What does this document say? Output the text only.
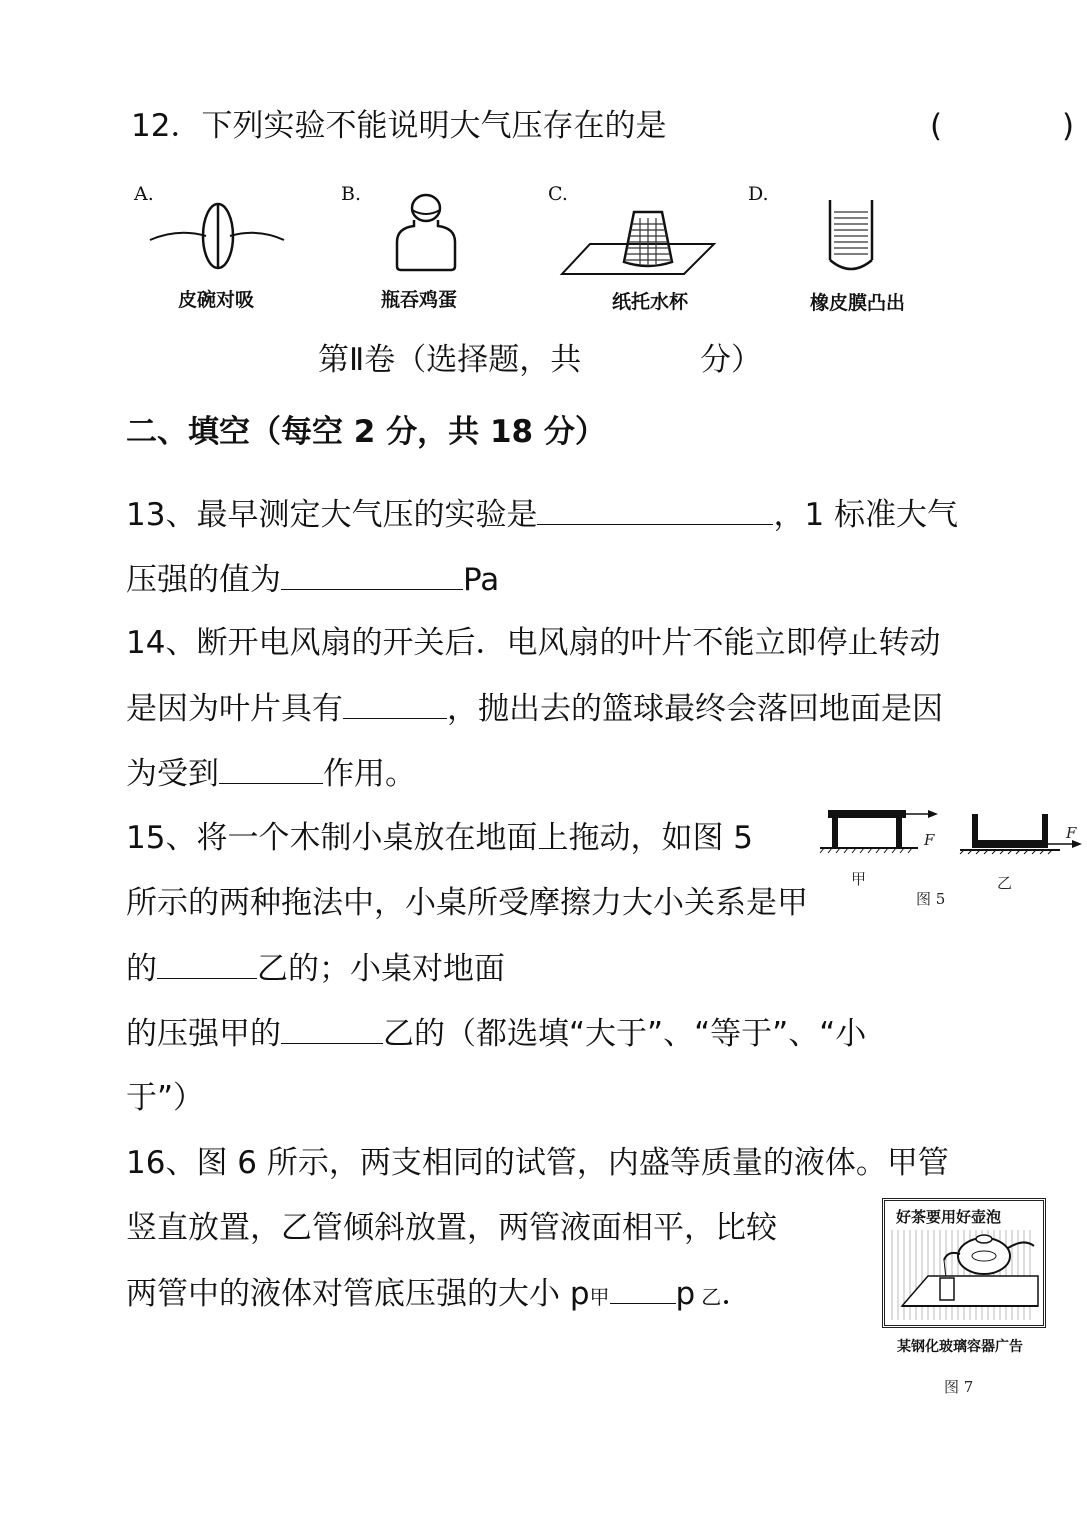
12．下列实验不能说明大气压存在的是	(	)
A.
皮碗对吸
B.
瓶吞鸡蛋
C.
纸托水杯
D.
橡皮膜凸出
第Ⅱ卷（选择题，共	分）
二、填空（每空 2 分，共 18 分）
13、最早测定大气压的实验是	，1 标准大气
压强的值为	Pa
14、断开电风扇的开关后．电风扇的叶片不能立即停止转动
是因为叶片具有	，抛出去的篮球最终会落回地面是因
为受到	作用。
15、将一个木制小桌放在地面上拖动，如图 5
所示的两种拖法中，小桌所受摩擦力大小关系是甲
的	乙的；小桌对地面
的压强甲的	乙的（都选填“大于”、“等于”、“小
于”）
F	F
甲	乙
图 5
16、图 6 所示，两支相同的试管，内盛等质量的液体。甲管
竖直放置，乙管倾斜放置，两管液面相平，比较
两管中的液体对管底压强的大小 p甲 p 乙．
好茶要用好壶泡
某钢化玻璃容器广告
图 7
